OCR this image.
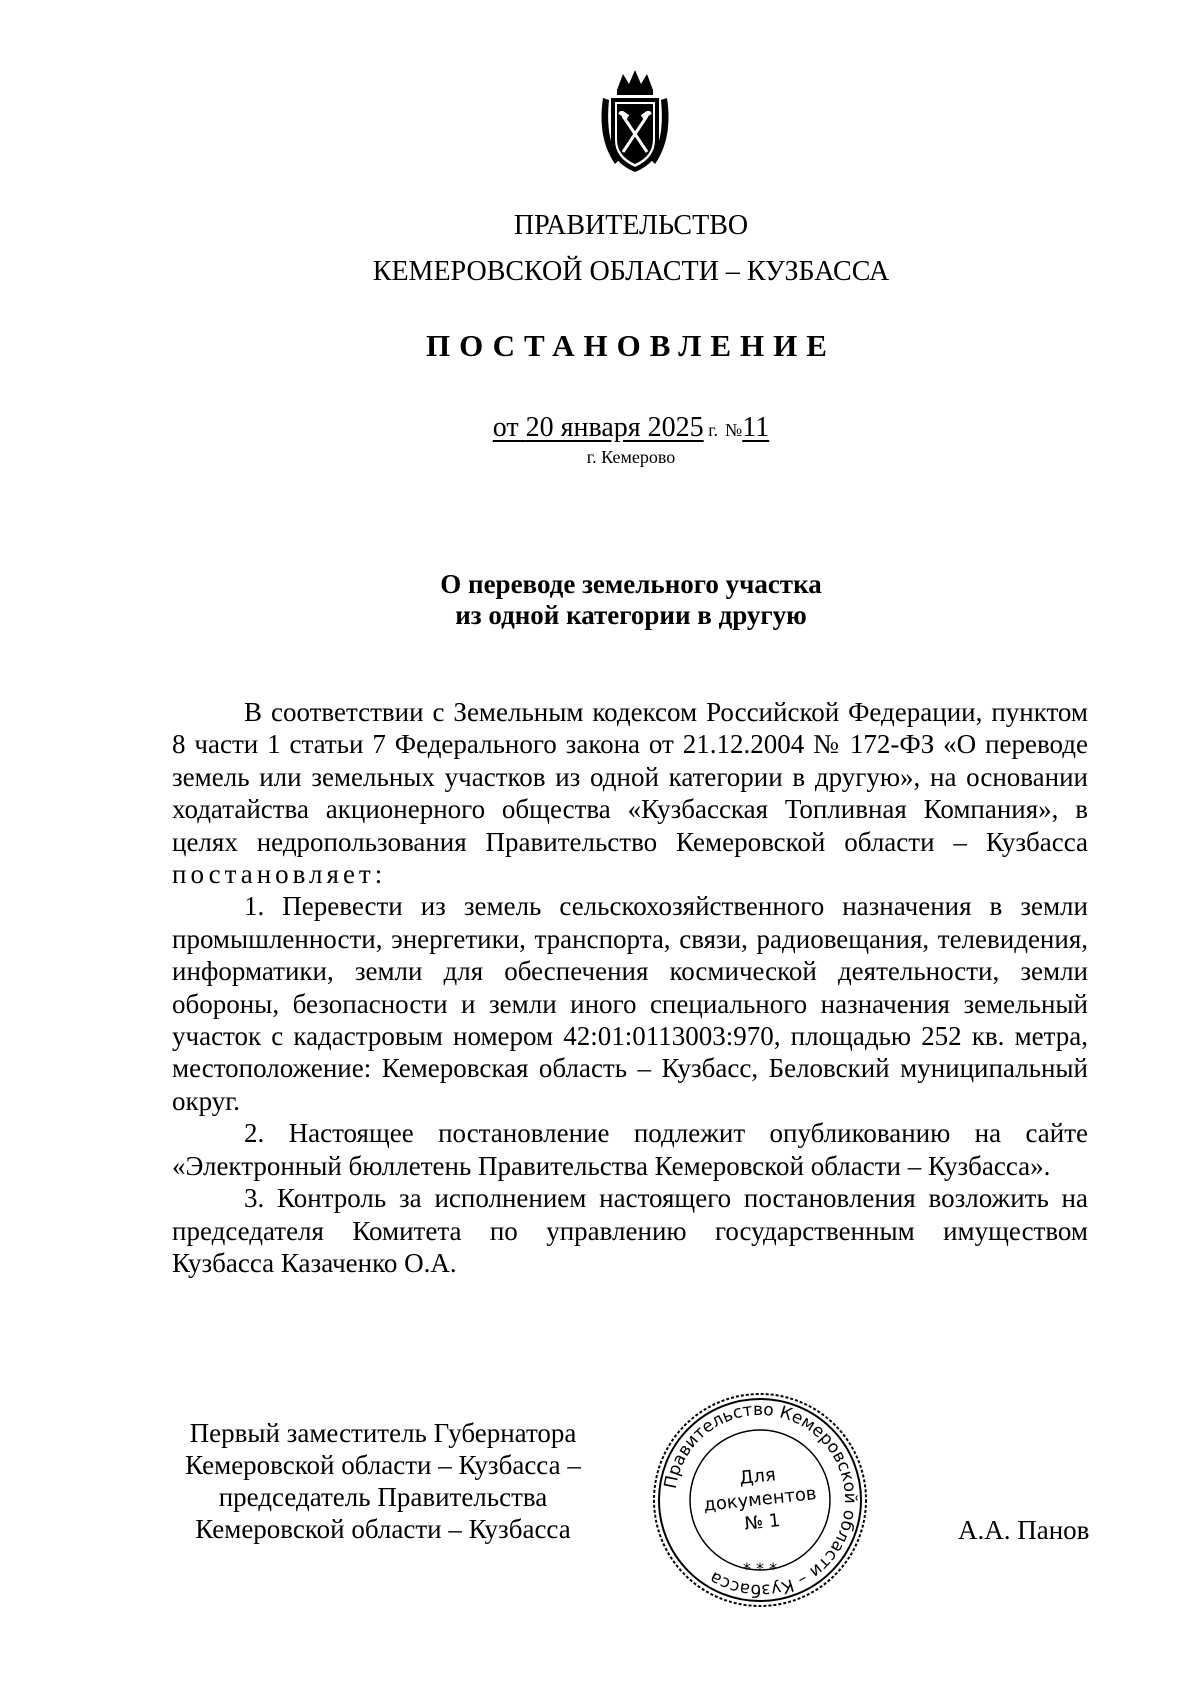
ПРАВИТЕЛЬСТВО
КЕМЕРОВСКОЙ ОБЛАСТИ – КУЗБАССА
ПОСТАНОВЛЕНИЕ
от 20 января 2025 г. №11
г. Кемерово
О переводе земельного участка
из одной категории в другую

В соответствии с Земельным кодексом Российской Федерации, пунктом 8 части 1 статьи 7 Федерального закона от 21.12.2004 № 172-ФЗ «О переводе земель или земельных участков из одной категории в другую», на основании ходатайства акционерного общества «Кузбасская Топливная Компания», в целях недропользования Правительство Кемеровской области – Кузбасса постановляет:

1. Перевести из земель сельскохозяйственного назначения в земли промышленности, энергетики, транспорта, связи, радиовещания, телевидения, информатики, земли для обеспечения космической деятельности, земли обороны, безопасности и земли иного специального назначения земельный участок с кадастровым номером 42:01:0113003:970, площадью 252 кв. метра, местоположение: Кемеровская область – Кузбасс, Беловский муниципальный округ.

2. Настоящее постановление подлежит опубликованию на сайте «Электронный бюллетень Правительства Кемеровской области – Кузбасса».

3. Контроль за исполнением настоящего постановления возложить на председателя Комитета по управлению государственным имуществом Кузбасса Казаченко О.А.

Первый заместитель Губернатора
Кемеровской области – Кузбасса –
председатель Правительства
Кемеровской области – Кузбасса
Правительство Кемеровской области – Кузбасса	* * *
Для
документов
№ 1	А.А. Панов
